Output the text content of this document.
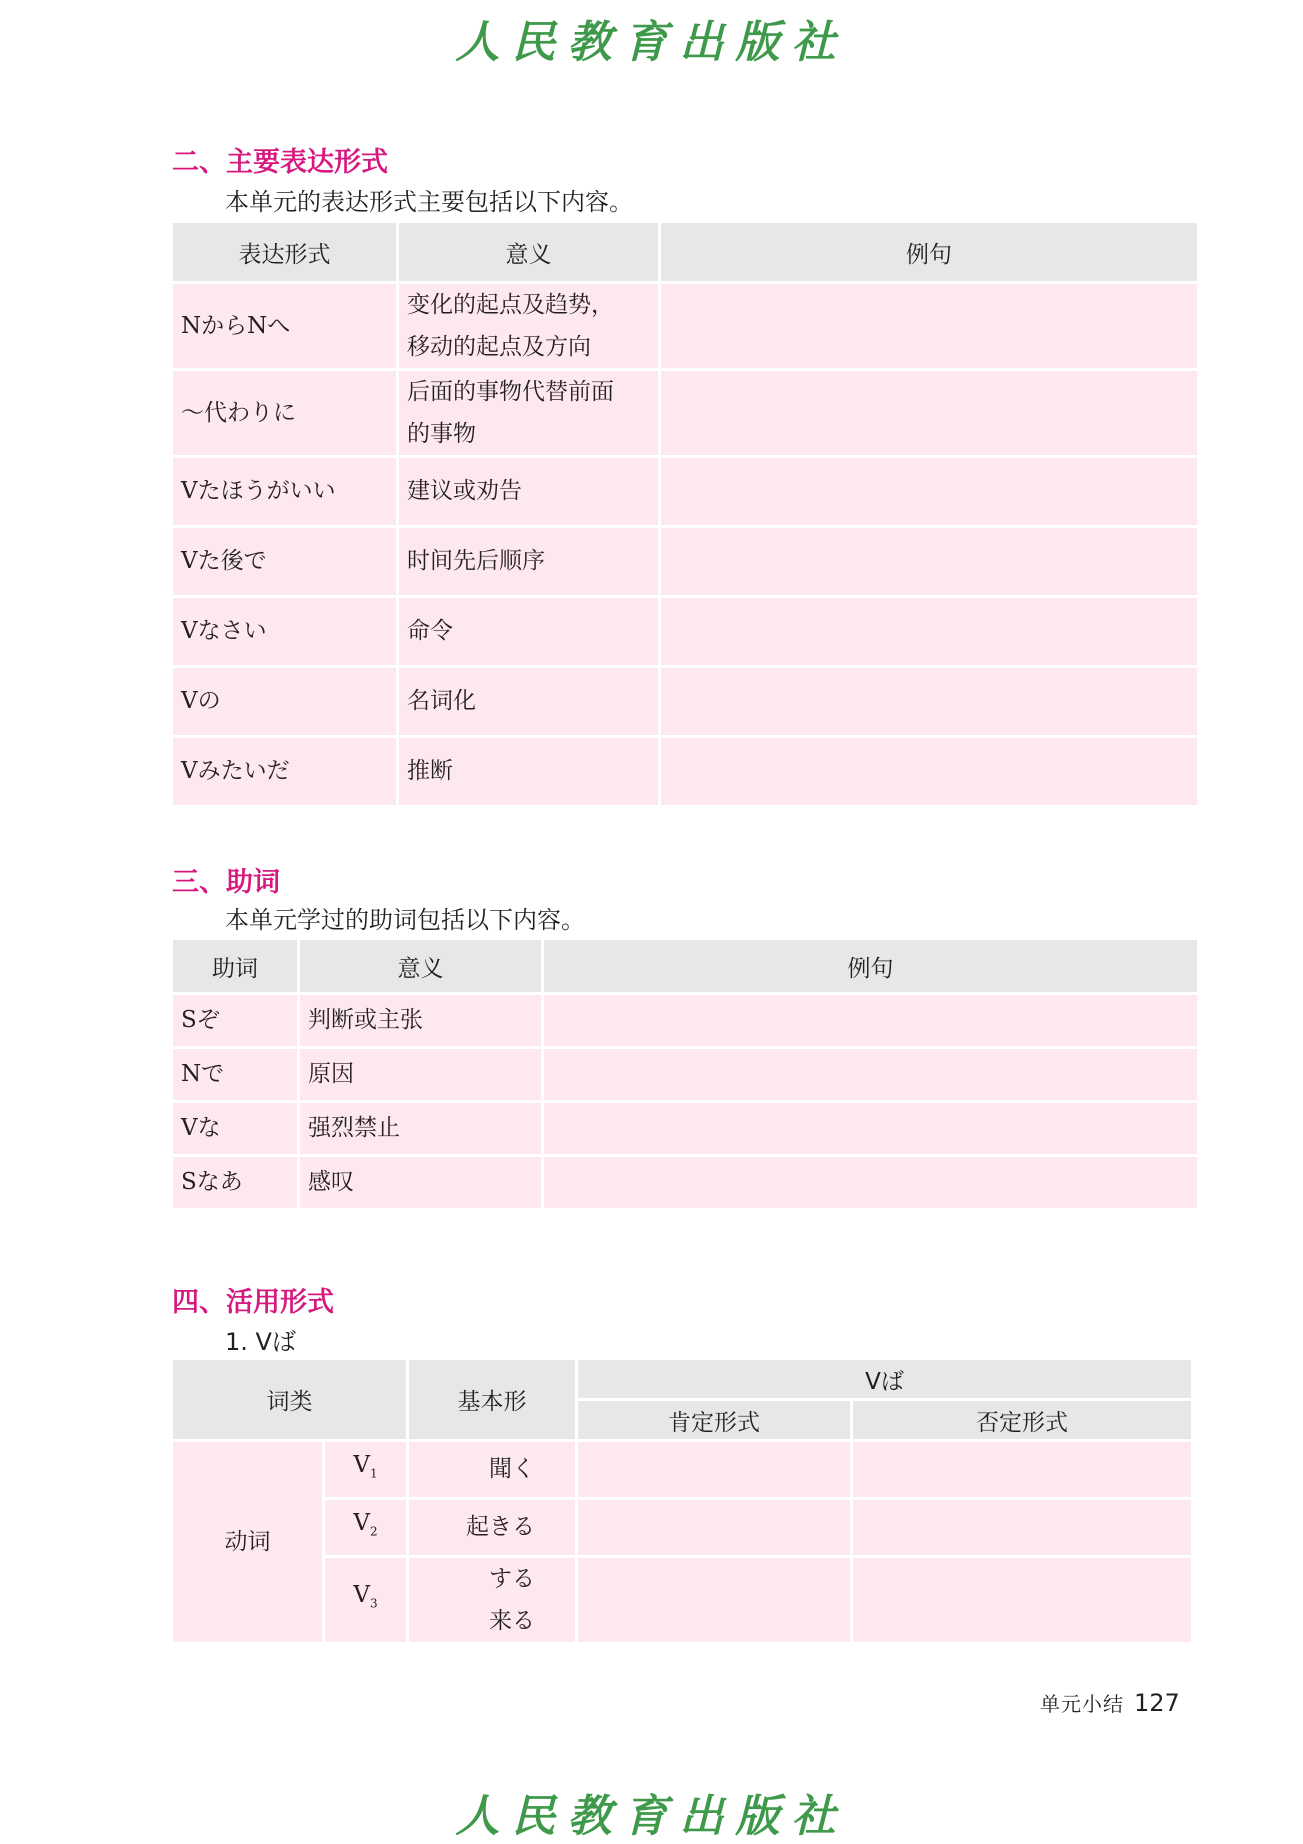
人民教育出版社
二、主要表达形式
本单元的表达形式主要包括以下内容。
表达形式	意义	例句
NからNへ	变化的起点及趋势，
移动的起点及方向	

～代わりに	后面的事物代替前面
的事物	

Vたほうがいい	建议或劝告	
Vた後で	时间先后顺序	
Vなさい	命令	
Vの	名词化	
Vみたいだ	推断	
三、助词
本单元学过的助词包括以下内容。
助词	意义	例句
Sぞ	判断或主张	
Nで	原因	
Vな	强烈禁止	
Sなあ	感叹	
四、活用形式
1. Vば
词类		基本形	Vば	
			肯定形式	否定形式
动词	$V_1$	聞く		
	$V_2$	起きる		
	$V_3$	する
来る		

单元小结 127
人民教育出版社
